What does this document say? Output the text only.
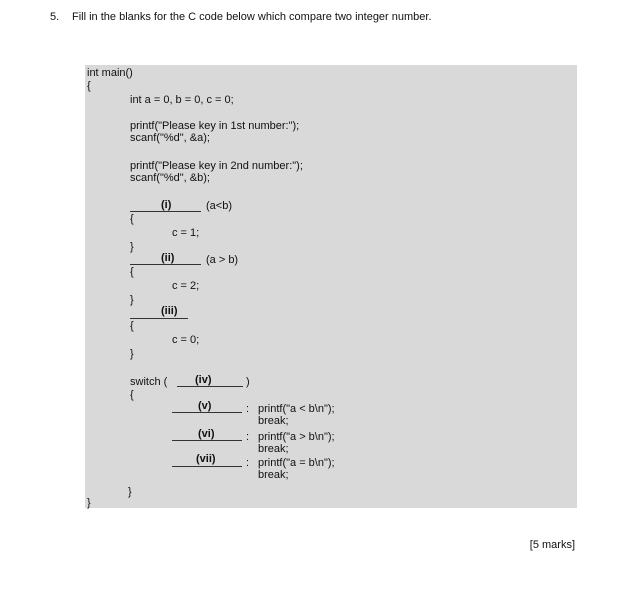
5. Fill in the blanks for the C code below which compare two integer number.
int main()
{
int a = 0, b = 0, c = 0;
printf("Please key in 1st number:");
scanf("%d", &a);
printf("Please key in 2nd number:");
scanf("%d", &b);
(i)	(a<b)
{
c = 1;
}
(ii)	(a > b)
{
c = 2;
}
(iii)
{
c = 0;
}
switch (	(iv)	)
{
(v)	: printf("a < b\n");
break;
(vi)	: printf("a > b\n");
break;
(vii)	: printf("a = b\n");
break;
}
}
[5 marks]
